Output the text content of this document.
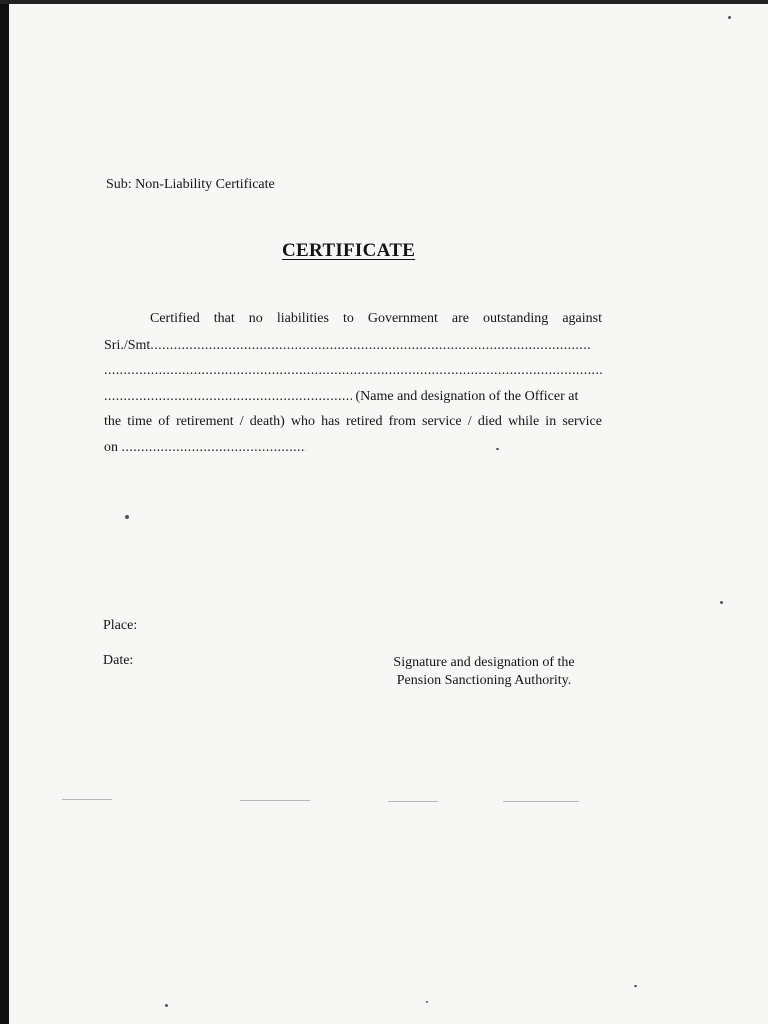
Sub: Non-Liability Certificate
CERTIFICATE
Certified that no liabilities to Government are outstanding against
Sri./Smt.....
.....
..... (Name and designation of the Officer at
the time of retirement / death) who has retired from service / died while in service
on .....
Place:
Date:	Signature and designation of the
Pension Sanctioning Authority.
